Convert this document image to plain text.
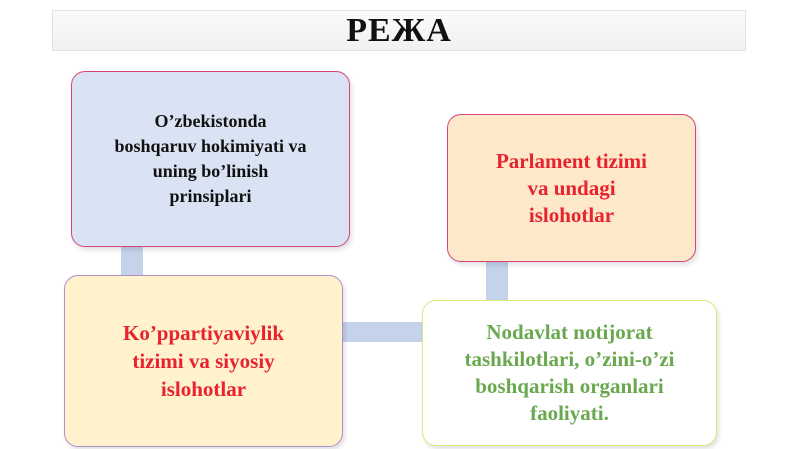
РЕЖА
O’zbekistonda
boshqaruv hokimiyati va
uning bo’linish
prinsiplari
Parlament tizimi
va undagi
islohotlar
Ko’ppartiyaviylik
tizimi va siyosiy
islohotlar
Nodavlat notijorat
tashkilotlari, o’zini-o’zi
boshqarish organlari
faoliyati.
